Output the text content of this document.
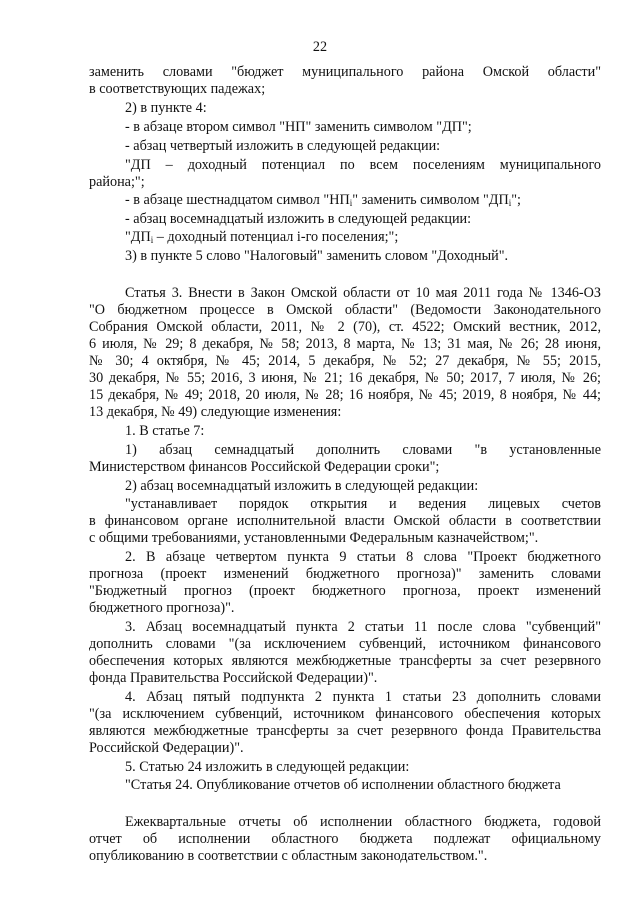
22
заменить словами "бюджет муниципального района Омской области"
в соответствующих падежах;
2) в пункте 4:
- в абзаце втором символ "НП" заменить символом "ДП";
- абзац четвертый изложить в следующей редакции:
"ДП – доходный потенциал по всем поселениям муниципального
района;";
- в абзаце шестнадцатом символ "$НП_i$" заменить символом "$ДП_i$";
- абзац восемнадцатый изложить в следующей редакции:
"$ДП_i$ – доходный потенциал i-го поселения;";
3) в пункте 5 слово "Налоговый" заменить словом "Доходный".
Статья 3. Внести в Закон Омской области от 10 мая 2011 года № 1346-ОЗ
"О бюджетном процессе в Омской области" (Ведомости Законодательного
Собрания Омской области, 2011, № 2 (70), ст. 4522; Омский вестник, 2012,
6 июля, № 29; 8 декабря, № 58; 2013, 8 марта, № 13; 31 мая, № 26; 28 июня,
№ 30; 4 октября, № 45; 2014, 5 декабря, № 52; 27 декабря, № 55; 2015,
30 декабря, № 55; 2016, 3 июня, № 21; 16 декабря, № 50; 2017, 7 июля, № 26;
15 декабря, № 49; 2018, 20 июля, № 28; 16 ноября, № 45; 2019, 8 ноября, № 44;
13 декабря, № 49) следующие изменения:
1. В статье 7:
1) абзац семнадцатый дополнить словами "в установленные
Министерством финансов Российской Федерации сроки";
2) абзац восемнадцатый изложить в следующей редакции:
"устанавливает порядок открытия и ведения лицевых счетов
в финансовом органе исполнительной власти Омской области в соответствии
с общими требованиями, установленными Федеральным казначейством;".
2. В абзаце четвертом пункта 9 статьи 8 слова "Проект бюджетного
прогноза (проект изменений бюджетного прогноза)" заменить словами
"Бюджетный прогноз (проект бюджетного прогноза, проект изменений
бюджетного прогноза)".
3. Абзац восемнадцатый пункта 2 статьи 11 после слова "субвенций"
дополнить словами "(за исключением субвенций, источником финансового
обеспечения которых являются межбюджетные трансферты за счет резервного
фонда Правительства Российской Федерации)".
4. Абзац пятый подпункта 2 пункта 1 статьи 23 дополнить словами
"(за исключением субвенций, источником финансового обеспечения которых
являются межбюджетные трансферты за счет резервного фонда Правительства
Российской Федерации)".
5. Статью 24 изложить в следующей редакции:
"Статья 24. Опубликование отчетов об исполнении областного бюджета
Ежеквартальные отчеты об исполнении областного бюджета, годовой
отчет об исполнении областного бюджета подлежат официальному
опубликованию в соответствии с областным законодательством.".
